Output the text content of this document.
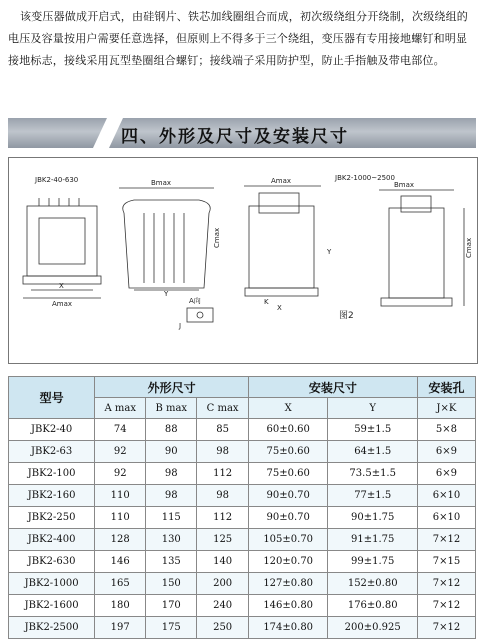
该变压器做成开启式，由硅钢片、铁芯加线圈组合而成，初次级绕组分开绕制，次级绕组的电压及容量按用户需要任意选择，但原则上不得多于三个绕组，变压器有专用接地螺钉和明显接地标志，接线采用瓦型垫圈组合螺钉；接线端子采用防护型，防止手指触及带电部位。
四、外形及尺寸及安装尺寸
JBK2-40-630	JBK2-1000~2500
Bmax	Bmax
Amax
Amax
Cmax	Cmax
X
Y
X
Y
K
J
A向
图2
型号	外形尺寸			安装尺寸		安装孔
	A max	B max	C max	X	Y	J×K
JBK2-40	74	88	85	60±0.60	59±1.5	5×8
JBK2-63	92	90	98	75±0.60	64±1.5	6×9
JBK2-100	92	98	112	75±0.60	73.5±1.5	6×9
JBK2-160	110	98	98	90±0.70	77±1.5	6×10
JBK2-250	110	115	112	90±0.70	90±1.75	6×10
JBK2-400	128	130	125	105±0.70	91±1.75	7×12
JBK2-630	146	135	140	120±0.70	99±1.75	7×15
JBK2-1000	165	150	200	127±0.80	152±0.80	7×12
JBK2-1600	180	170	240	146±0.80	176±0.80	7×12
JBK2-2500	197	175	250	174±0.80	200±0.925	7×12
